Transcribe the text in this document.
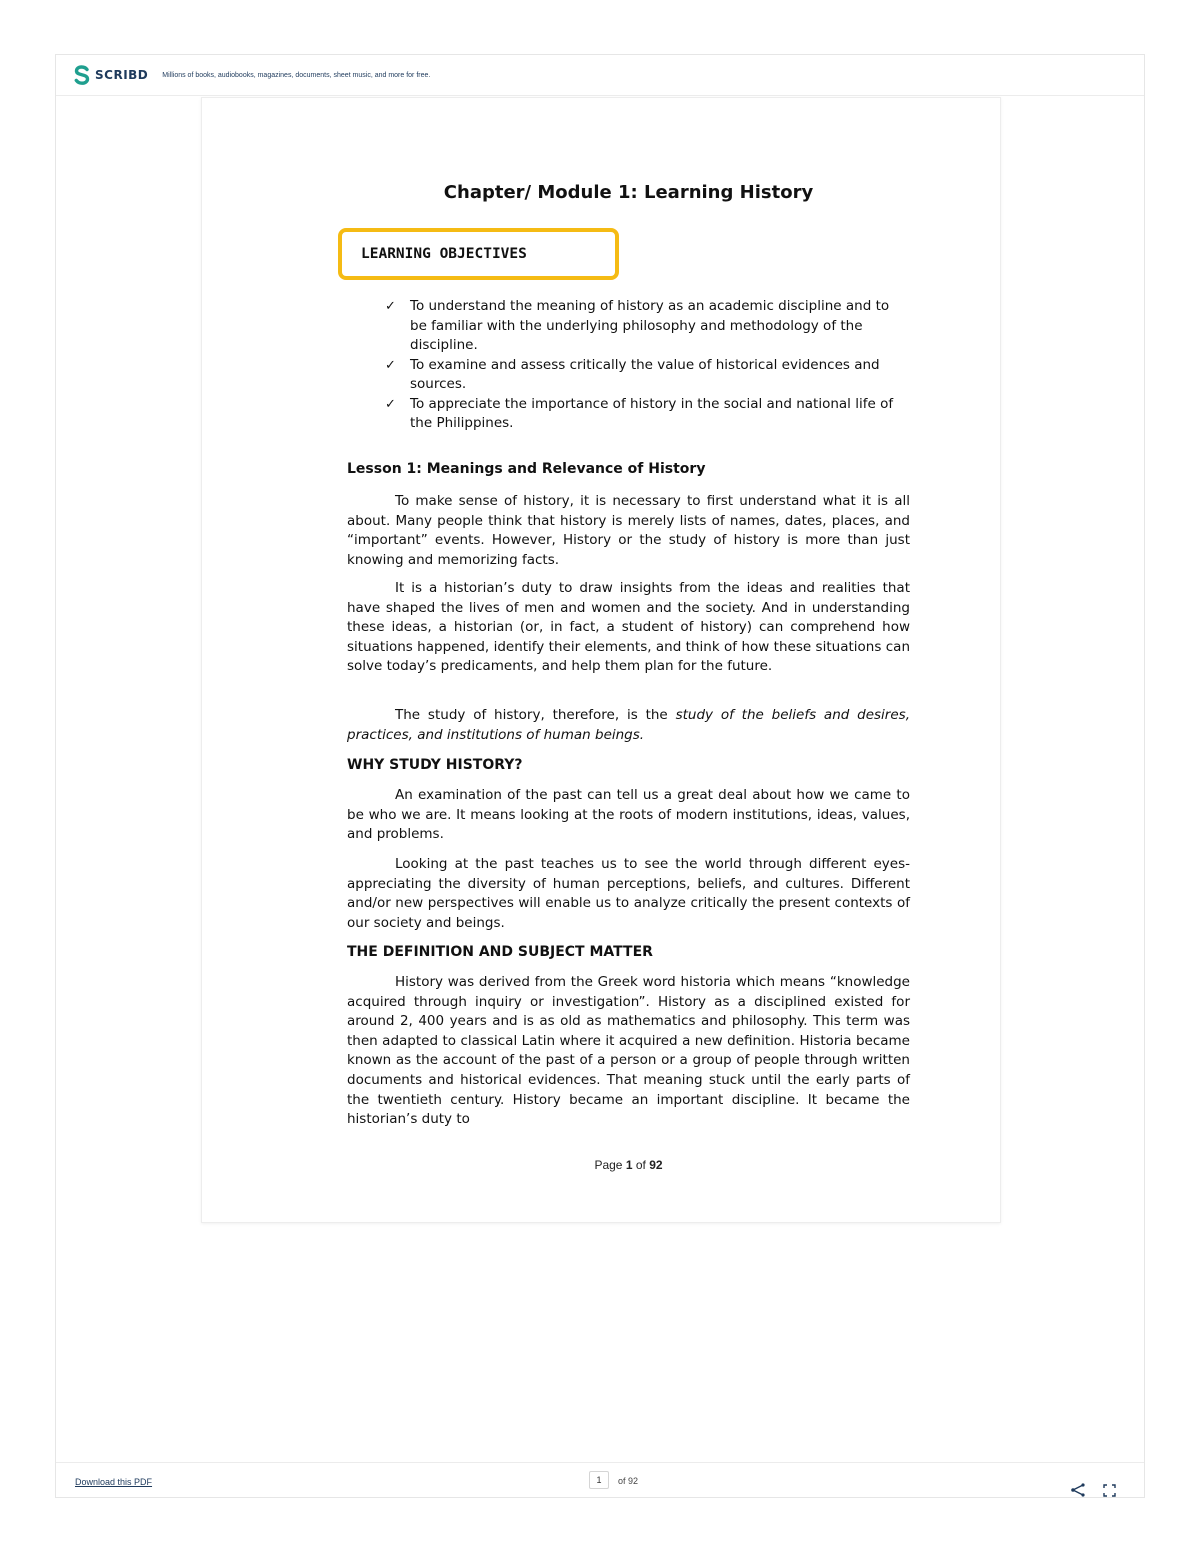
SCRIBD Millions of books, audiobooks, magazines, documents, sheet music, and more for free.
Chapter/ Module 1: Learning History
LEARNING OBJECTIVES
✓ To understand the meaning of history as an academic discipline and to be familiar with the underlying philosophy and methodology of the discipline.
✓ To examine and assess critically the value of historical evidences and sources.
✓ To appreciate the importance of history in the social and national life of the Philippines.
Lesson 1: Meanings and Relevance of History

To make sense of history, it is necessary to first understand what it is all about. Many people think that history is merely lists of names, dates, places, and “important” events. However, History or the study of history is more than just knowing and memorizing facts.

It is a historian’s duty to draw insights from the ideas and realities that have shaped the lives of men and women and the society. And in understanding these ideas, a historian (or, in fact, a student of history) can comprehend how situations happened, identify their elements, and think of how these situations can solve today’s predicaments, and help them plan for the future.

The study of history, therefore, is the study of the beliefs and desires, practices, and institutions of human beings.

WHY STUDY HISTORY?

An examination of the past can tell us a great deal about how we came to be who we are. It means looking at the roots of modern institutions, ideas, values, and problems.

Looking at the past teaches us to see the world through different eyes-appreciating the diversity of human perceptions, beliefs, and cultures. Different and/or new perspectives will enable us to analyze critically the present contexts of our society and beings.

THE DEFINITION AND SUBJECT MATTER

History was derived from the Greek word historia which means “knowledge acquired through inquiry or investigation”. History as a disciplined existed for around 2, 400 years and is as old as mathematics and philosophy. This term was then adapted to classical Latin where it acquired a new definition. Historia became known as the account of the past of a person or a group of people through written documents and historical evidences. That meaning stuck until the early parts of the twentieth century. History became an important discipline. It became the historian’s duty to

Page 1 of 92
Download this PDF
1	of 92
